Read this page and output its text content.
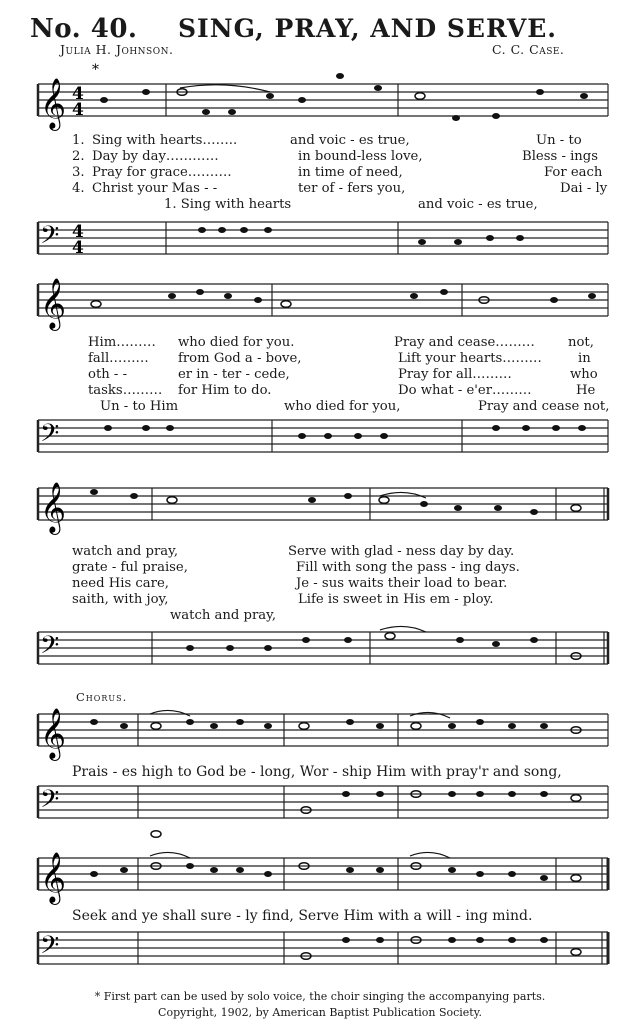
No. 40. SING, PRAY, AND SERVE.
Julia H. Johnson.	C. C. Case.
𝄞 4
4
*
1. Sing with hearts……..	and voic - es true,	Un - to
2. Day by day…………	in bound-less love,	Bless - ings
3. Pray for grace……….	in time of need,	For each
4. Christ your Mas - -	ter of - fers you,	Dai - ly
1. Sing with hearts	and voic - es true,
𝄢 4
4
𝄞
Him……… who died for you.	Pray and cease………	not,
fall……… from God a - bove,	Lift your hearts………	in
oth - -	er in - ter - cede,	Pray for all………	who
tasks……… for Him to do.	Do what - e'er………	He
Un - to Him	who died for you,	Pray and cease not,
𝄢
𝄞
watch and pray,	Serve with glad - ness day by day.
grate - ful praise,	Fill with song the pass - ing days.
need His care,	Je - sus waits their load to bear.
saith, with joy,	Life is sweet in His em - ploy.
watch and pray,
𝄢
Chorus.
𝄞
Prais - es high to God be - long, Wor - ship Him with pray'r and song,
𝄢
𝄞
Seek and ye shall sure - ly find, Serve Him with a will - ing mind.
𝄢
* First part can be used by solo voice, the choir singing the accompanying parts.
Copyright, 1902, by American Baptist Publication Society.
